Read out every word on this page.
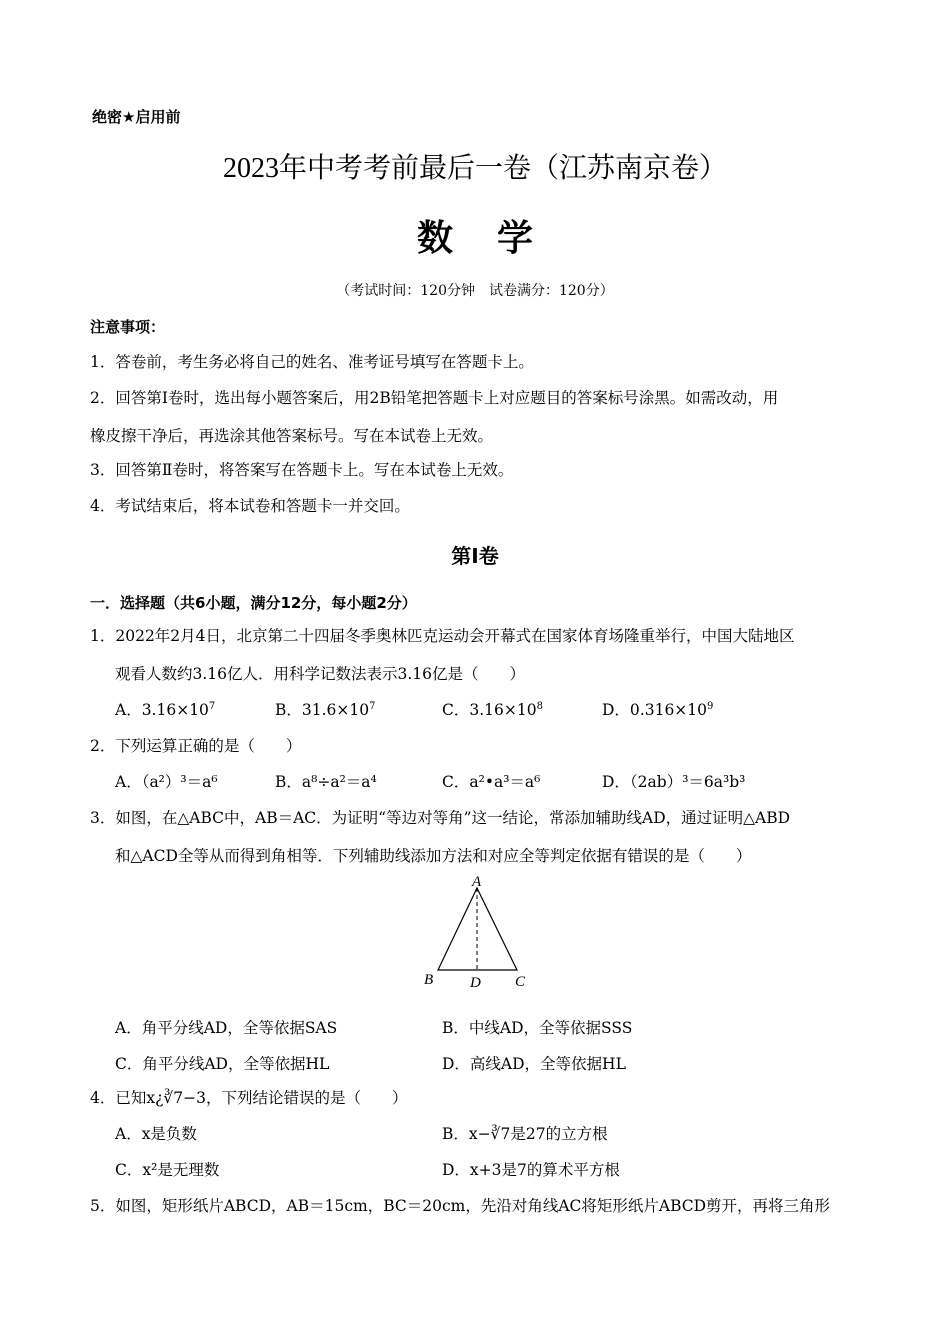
绝密★启用前
2023年中考考前最后一卷（江苏南京卷）
数学
（考试时间：120分钟　试卷满分：120分）
注意事项：
1．答卷前，考生务必将自己的姓名、准考证号填写在答题卡上。
2．回答第Ⅰ卷时，选出每小题答案后，用2B铅笔把答题卡上对应题目的答案标号涂黑。如需改动，用
橡皮擦干净后，再选涂其他答案标号。写在本试卷上无效。
3．回答第Ⅱ卷时，将答案写在答题卡上。写在本试卷上无效。
4．考试结束后，将本试卷和答题卡一并交回。
第Ⅰ卷
一．选择题（共6小题，满分12分，每小题2分）
1．2022年2月4日，北京第二十四届冬季奥林匹克运动会开幕式在国家体育场隆重举行，中国大陆地区
观看人数约3.16亿人．用科学记数法表示3.16亿是（　　）
A．$3.16\times 10^7$	B．$31.6\times 10^7$	C．$3.16\times 10^8$	D．$0.316\times 10^9$
2．下列运算正确的是（　　）
A．（a²）³＝a⁶	B．a⁸÷a²＝a⁴	C．a²•a³＝a⁶	D．（2ab）³＝6a³b³
3．如图，在△ABC中，AB＝AC．为证明“等边对等角”这一结论，常添加辅助线AD，通过证明△ABD
和△ACD全等从而得到角相等．下列辅助线添加方法和对应全等判定依据有错误的是（　　）
A
B	C
D
A．角平分线AD，全等依据SAS	B．中线AD，全等依据SSS
C．角平分线AD，全等依据HL	D．高线AD，全等依据HL
4．已知x¿∛7−3，下列结论错误的是（　　）
A．x是负数	B．x−∛7是27的立方根
C．x²是无理数	D．x+3是7的算术平方根
5．如图，矩形纸片ABCD，AB＝15cm，BC＝20cm，先沿对角线AC将矩形纸片ABCD剪开，再将三角形
